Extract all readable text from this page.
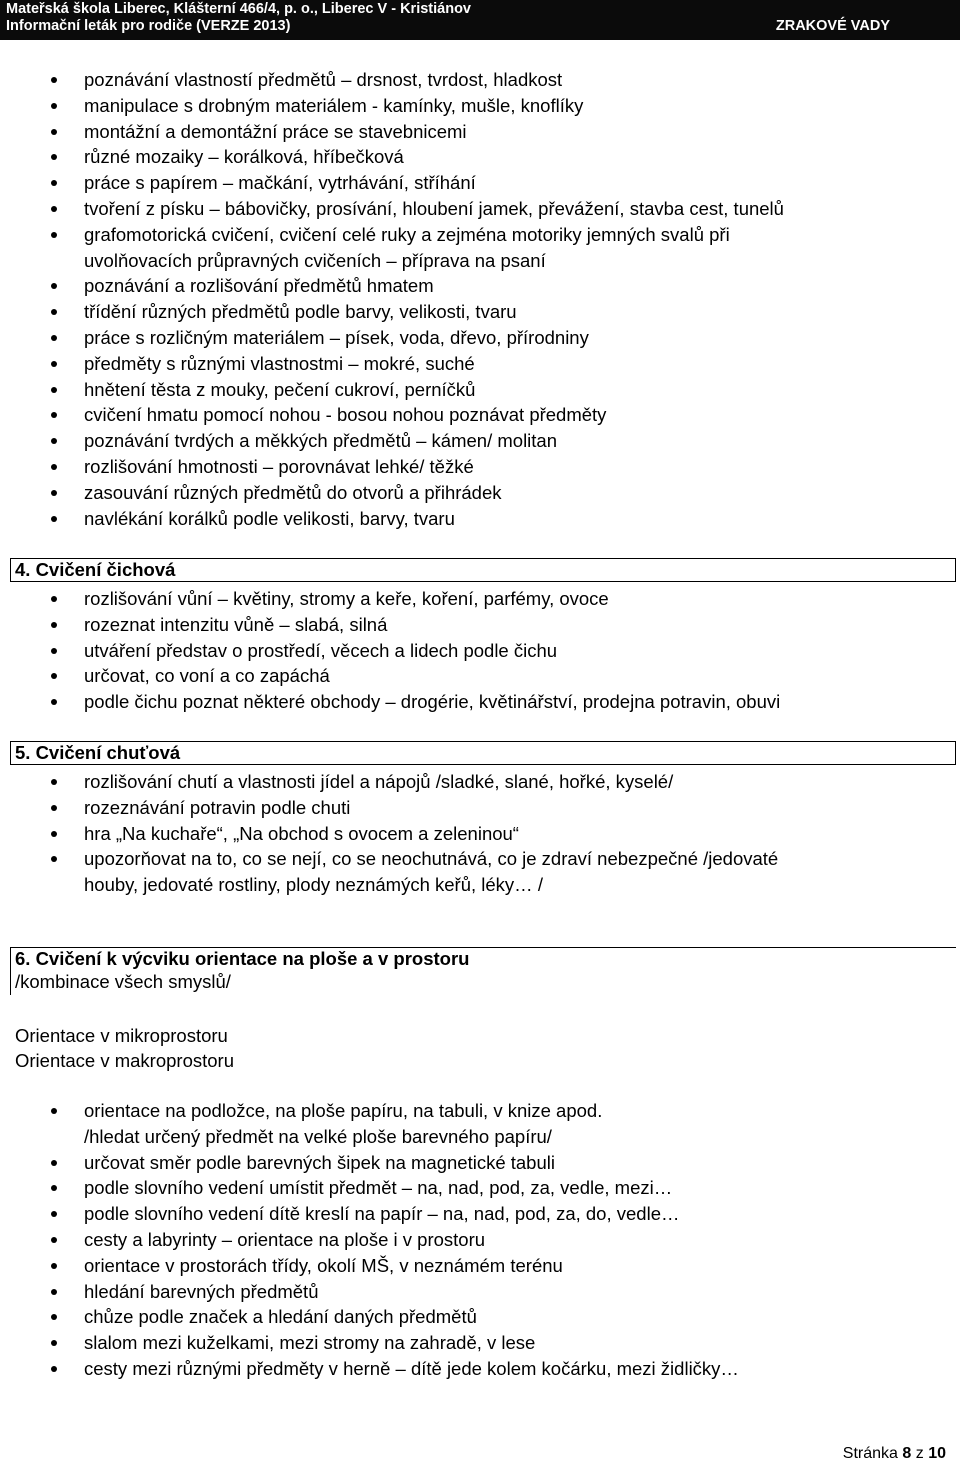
Mateřská škola Liberec, Klášterní 466/4, p. o., Liberec V - Kristiánov
Informační leták pro rodiče (VERZE 2013)	ZRAKOVÉ VADY
poznávání vlastností předmětů – drsnost, tvrdost, hladkost
manipulace s drobným materiálem - kamínky, mušle, knoflíky
montážní a demontážní práce se stavebnicemi
různé mozaiky – korálková, hříbečková
práce s papírem – mačkání, vytrhávání, stříhání
tvoření z písku – bábovičky, prosívání, hloubení jamek, převážení, stavba cest, tunelů
grafomotorická cvičení, cvičení celé ruky a zejména motoriky jemných svalů při
uvolňovacích průpravných cvičeních – příprava na psaní
poznávání a rozlišování předmětů hmatem
třídění různých předmětů podle barvy, velikosti, tvaru
práce s rozličným materiálem – písek, voda, dřevo, přírodniny
předměty s různými vlastnostmi – mokré, suché
hnětení těsta z mouky, pečení cukroví, perníčků
cvičení hmatu pomocí nohou - bosou nohou poznávat předměty
poznávání tvrdých a měkkých předmětů – kámen/ molitan
rozlišování hmotnosti – porovnávat lehké/ těžké
zasouvání různých předmětů do otvorů a přihrádek
navlékání korálků podle velikosti, barvy, tvaru
4. Cvičení čichová
rozlišování vůní – květiny, stromy a keře, koření, parfémy, ovoce
rozeznat intenzitu vůně – slabá, silná
utváření představ o prostředí, věcech a lidech podle čichu
určovat, co voní a co zapáchá
podle čichu poznat některé obchody – drogérie, květinářství, prodejna potravin, obuvi
5. Cvičení chuťová
rozlišování chutí a vlastnosti jídel a nápojů /sladké, slané, hořké, kyselé/
rozeznávání potravin podle chuti
hra „Na kuchaře“, „Na obchod s ovocem a zeleninou“
upozorňovat na to, co se nejí, co se neochutnává, co je zdraví nebezpečné /jedovaté
houby, jedovaté rostliny, plody neznámých keřů, léky… /
6. Cvičení k výcviku orientace na ploše a v prostoru
/kombinace všech smyslů/
Orientace v mikroprostoru
Orientace v makroprostoru
orientace na podložce, na ploše papíru, na tabuli, v knize apod.
/hledat určený předmět na velké ploše barevného papíru/
určovat směr podle barevných šipek na magnetické tabuli
podle slovního vedení umístit předmět – na, nad, pod, za, vedle, mezi…
podle slovního vedení dítě kreslí na papír – na, nad, pod, za, do, vedle…
cesty a labyrinty – orientace na ploše i v prostoru
orientace v prostorách třídy, okolí MŠ, v neznámém terénu
hledání barevných předmětů
chůze podle značek a hledání daných předmětů
slalom mezi kuželkami, mezi stromy na zahradě, v lese
cesty mezi různými předměty v herně – dítě jede kolem kočárku, mezi židličky…
Stránka 8 z 10
